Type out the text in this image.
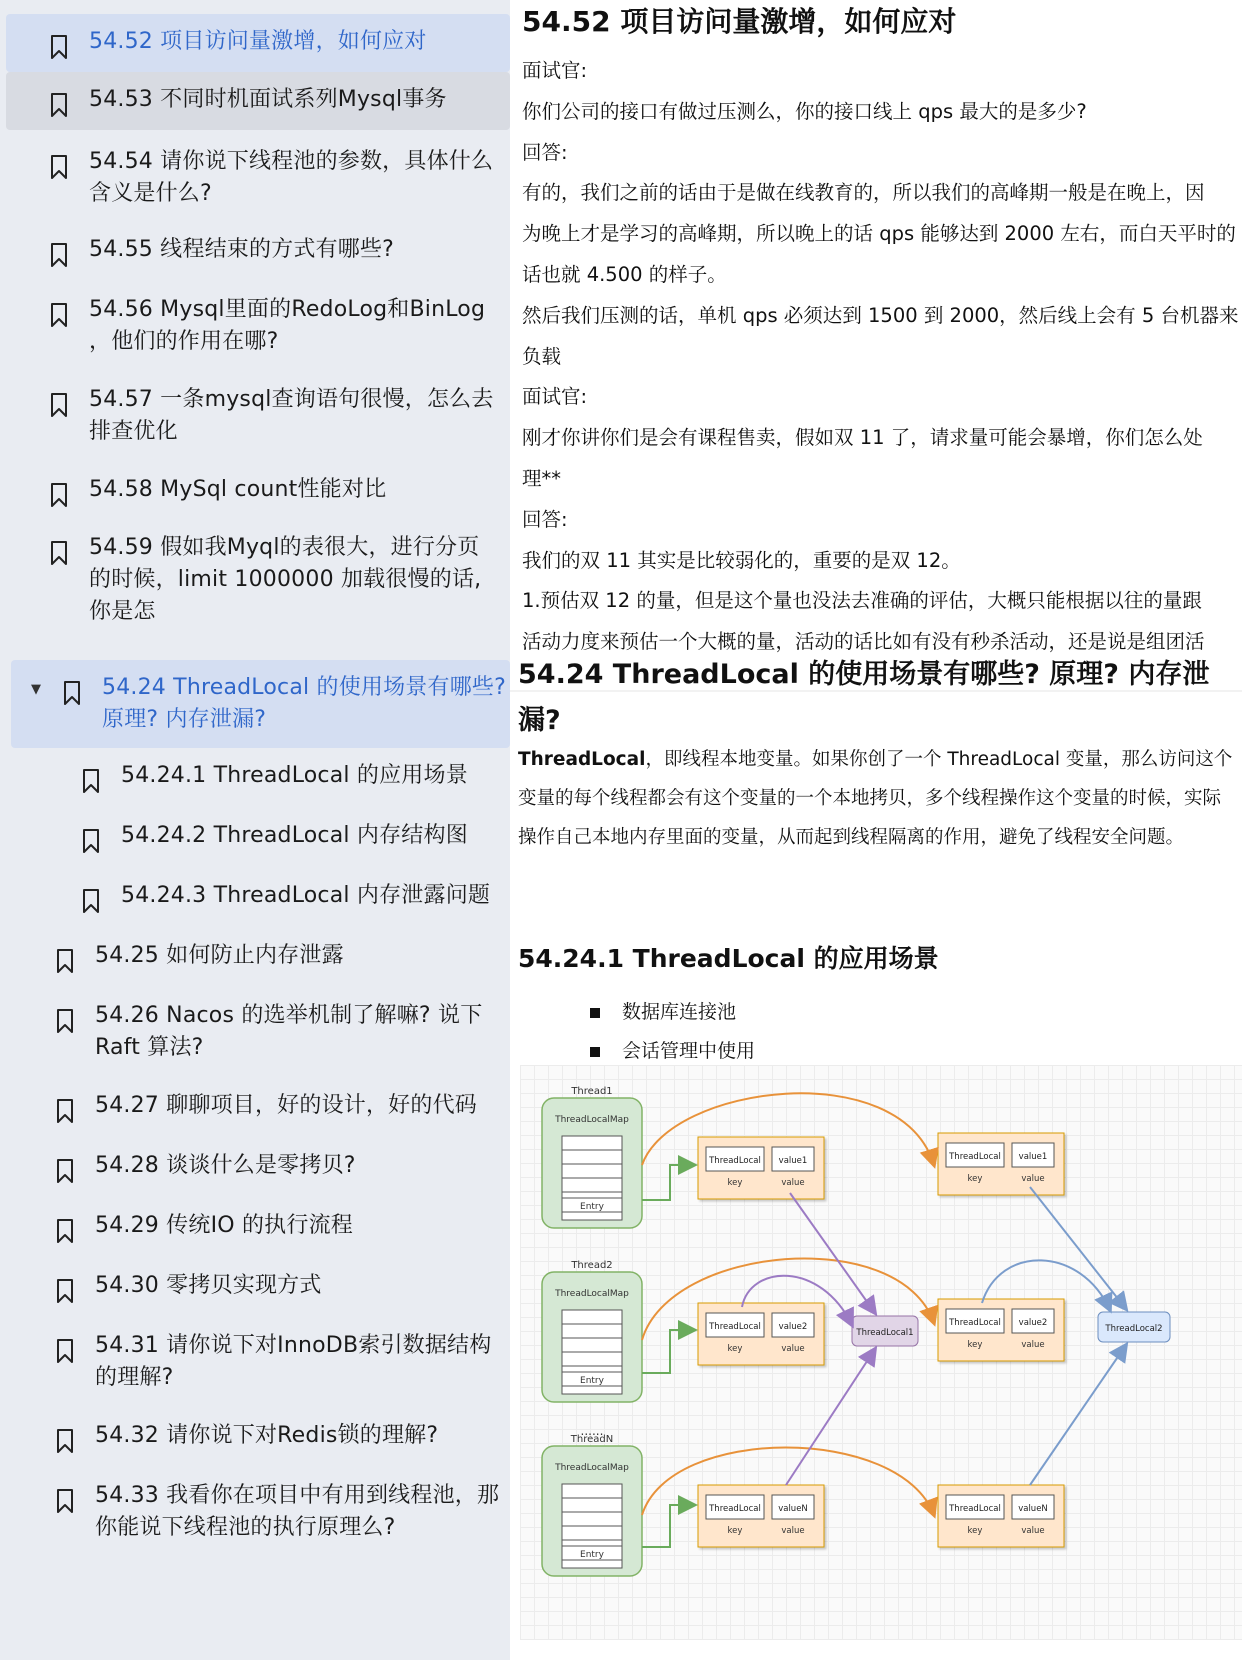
54.52 项目访问量激增，如何应对
54.53 不同时机面试系列Mysql事务
54.54 请你说下线程池的参数，具体什么
含义是什么?
54.55 线程结束的方式有哪些?
54.56 Mysql里面的RedoLog和BinLog
，他们的作用在哪?
54.57 一条mysql查询语句很慢，怎么去
排查优化
54.58 MySql count性能对比
54.59 假如我Myql的表很大，进行分页
的时候，limit 1000000 加载很慢的话,
你是怎
▼	54.24 ThreadLocal 的使用场景有哪些?
原理? 内存泄漏?
54.24.1 ThreadLocal 的应用场景
54.24.2 ThreadLocal 内存结构图
54.24.3 ThreadLocal 内存泄露问题
54.25 如何防止内存泄露
54.26 Nacos 的选举机制了解嘛? 说下
Raft 算法?
54.27 聊聊项目，好的设计，好的代码
54.28 谈谈什么是零拷贝?
54.29 传统IO 的执行流程
54.30 零拷贝实现方式
54.31 请你说下对InnoDB索引数据结构
的理解?
54.32 请你说下对Redis锁的理解?
54.33 我看你在项目中有用到线程池，那
你能说下线程池的执行原理么?
54.52 项目访问量激增，如何应对
面试官:
你们公司的接口有做过压测么，你的接口线上 qps 最大的是多少?
回答:
有的，我们之前的话由于是做在线教育的，所以我们的高峰期一般是在晚上，因
为晚上才是学习的高峰期，所以晚上的话 qps 能够达到 2000 左右，而白天平时的
话也就 4.500 的样子。
然后我们压测的话，单机 qps 必须达到 1500 到 2000，然后线上会有 5 台机器来
负载
面试官:
刚才你讲你们是会有课程售卖，假如双 11 了，请求量可能会暴增，你们怎么处
理**
回答:
我们的双 11 其实是比较弱化的，重要的是双 12。
1.预估双 12 的量，但是这个量也没法去准确的评估，大概只能根据以往的量跟
活动力度来预估一个大概的量，活动的话比如有没有秒杀活动，还是说是组团活
54.24 ThreadLocal 的使用场景有哪些? 原理? 内存泄
漏?
ThreadLocal，即线程本地变量。如果你创了一个 ThreadLocal 变量，那么访问这个
变量的每个线程都会有这个变量的一个本地拷贝，多个线程操作这个变量的时候，实际
操作自己本地内存里面的变量，从而起到线程隔离的作用，避免了线程安全问题。
54.24.1 ThreadLocal 的应用场景
数据库连接池
会话管理中使用
Thread1
ThreadLocalMap
Entry
Thread2
ThreadLocalMap
Entry
ThreadN
ThreadLocalMap
Entry
......
ThreadLocal value1
key	value
ThreadLocal value1
key	value
ThreadLocal value2
key	value
ThreadLocal value2
key	value
ThreadLocal valueN
key	value
ThreadLocal valueN
key	value
ThreadLocal1	ThreadLocal2
